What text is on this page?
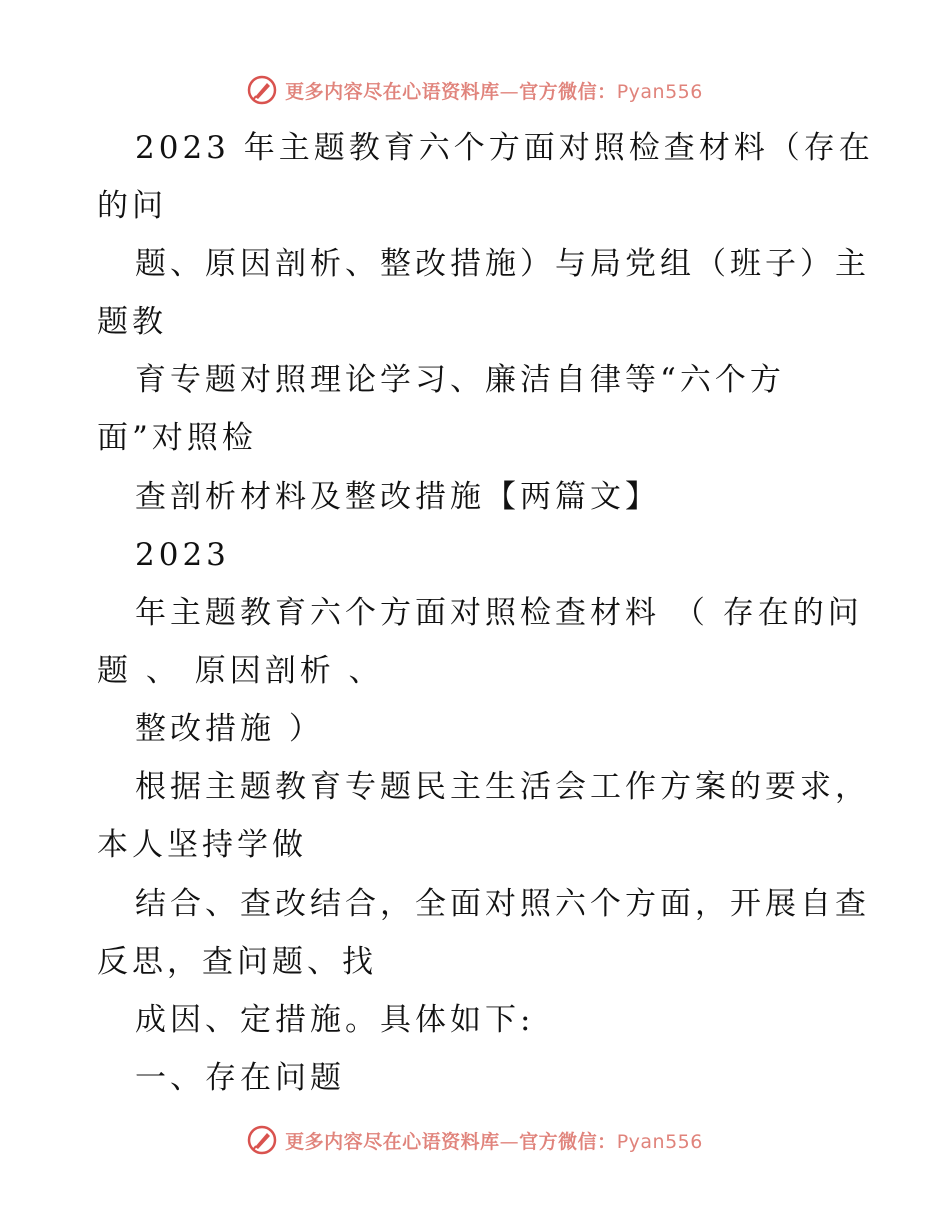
更多内容尽在心语资料库—官方微信：Pyan556
2023 年主题教育六个方面对照检查材料（存在
的问
题、原因剖析、整改措施）与局党组（班子）主
题教
育专题对照理论学习、廉洁自律等“六个方
面”对照检
查剖析材料及整改措施【两篇文】
2023
年主题教育六个方面对照检查材料 （ 存在的问
题 、 原因剖析 、
整改措施 ）
根据主题教育专题民主生活会工作方案的要求，
本人坚持学做
结合、查改结合，全面对照六个方面，开展自查
反思，查问题、找
成因、定措施。具体如下:
一、存在问题
更多内容尽在心语资料库—官方微信：Pyan556
